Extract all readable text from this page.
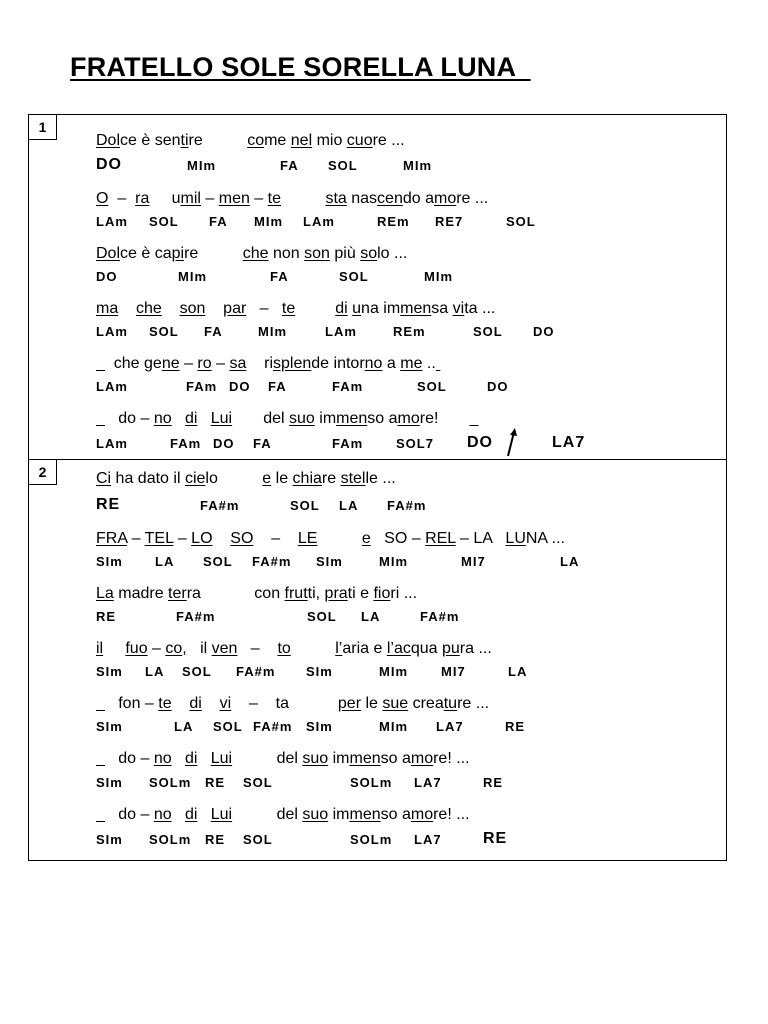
FRATELLO SOLE SORELLA LUNA
1
Dolce è sentire          come nel mio cuore ...
DO	MIm	FA SOL	MIm
O  –  ra     umil – men – te	sta nascendo amore ...
LAm SOL FA MIm LAm	REm RE7	SOL
Dolce è capire          che non son più solo ...
DO	MIm	FA	SOL	MIm
ma che son par   –   te	di una immensa vita ...
LAm SOL FA	MIm	LAm	REm	SOL DO
che gene – ro – sa    risplende intorno a me ..
LAm	FAm DO FA	FAm	SOL	DO
do – no di Lui       del suo immenso amore!
LAm	FAm DO FA	FAm	SOL7 DO	LA7
2	Ci ha dato il cielo          e le chiare stelle ...
RE	FA#m	SOL LA FA#m
FRA – TEL – LO SO    –    LE	e   SO – REL – LA   LUNA ...
SIm LA SOL FA#m SIm	MIm	MI7	LA
La madre terra            con frutti, prati e fiori ...
RE	FA#m	SOL LA	FA#m
il fuo – co,   il ven   –    to	l’aria e l’acqua pura ...
SIm LA SOL FA#m SIm	MIm	MI7	LA
fon – te di vi    –    ta           per le sue creature ...
SIm	LA SOL FA#m SIm	MIm LA7	RE
do – no di Lui          del suo immenso amore! ...
SIm SOLm RE SOL	SOLm LA7	RE
do – no di Lui          del suo immenso amore! ...
SIm SOLm RE SOL	SOLm LA7	RE
